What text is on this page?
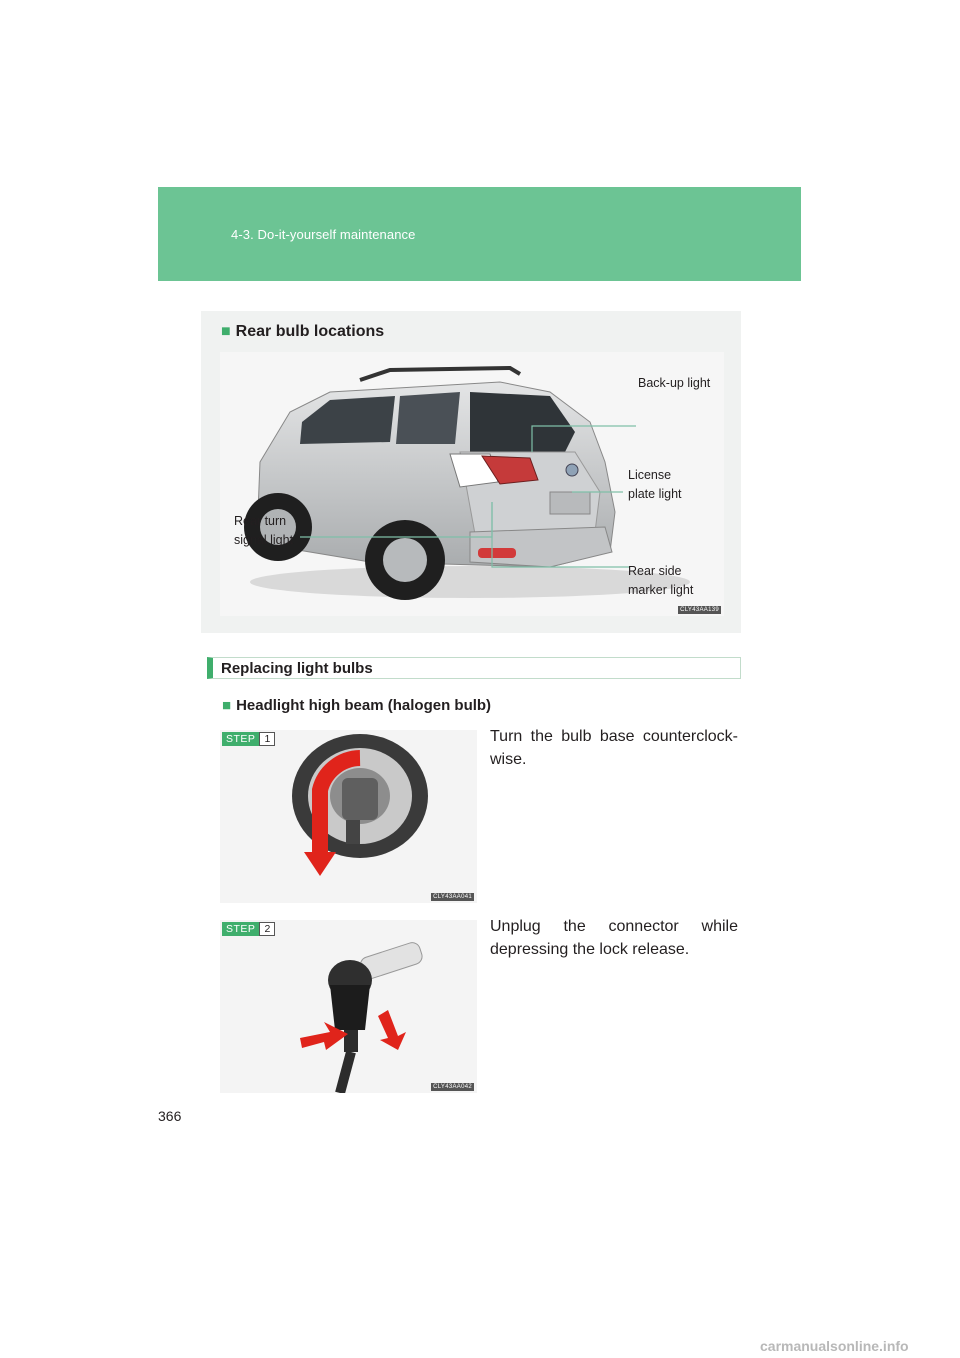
4-3. Do-it-yourself maintenance
■ Rear bulb locations
Back-up light
License
plate light
Rear turn
signal light
Rear side
marker light
CLY43AA139
Replacing light bulbs
■ Headlight high beam (halogen bulb)
STEP 1
CLY43AA041
Turn the bulb base counterclock-wise.
STEP 2
CLY43AA042
Unplug the connector while depressing the lock release.
366
carmanualsonline.info
